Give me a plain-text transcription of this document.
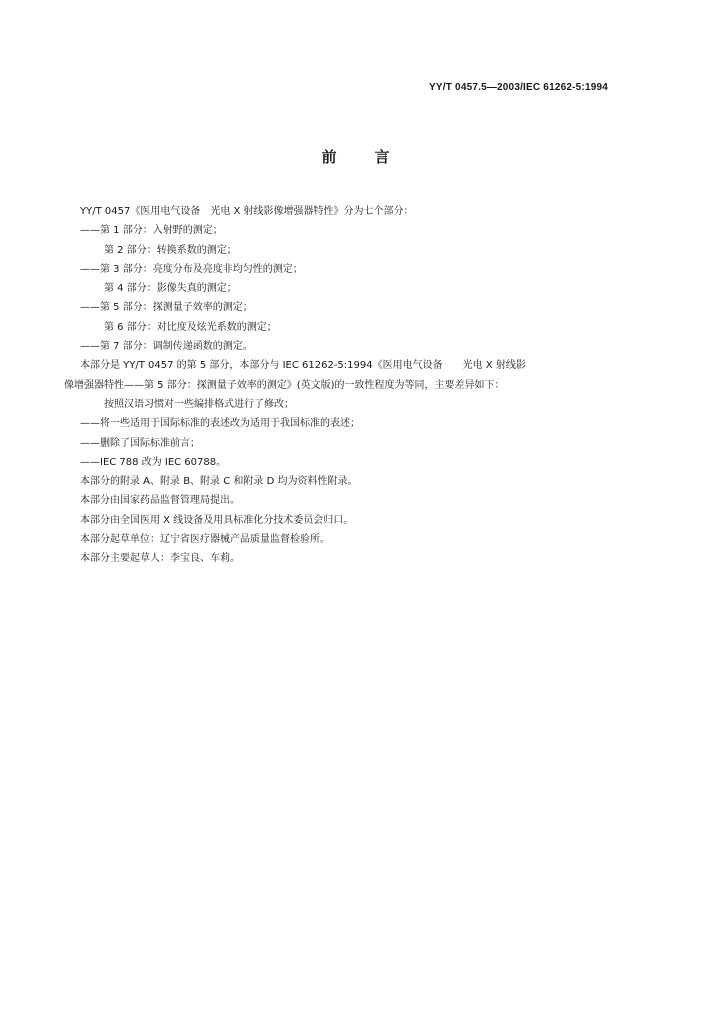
YY/T 0457.5—2003/IEC 61262-5:1994
前言
YY/T 0457《医用电气设备　光电 X 射线影像增强器特性》分为七个部分：
——第 1 部分：入射野的测定；
第 2 部分：转换系数的测定；
——第 3 部分：亮度分布及亮度非均匀性的测定；
第 4 部分：影像失真的测定；
——第 5 部分：探测量子效率的测定；
第 6 部分：对比度及炫光系数的测定；
——第 7 部分：调制传递函数的测定。
本部分是 YY/T 0457 的第 5 部分，本部分与 IEC 61262-5:1994《医用电气设备　　光电 X 射线影
像增强器特性——第 5 部分：探测量子效率的测定》(英文版)的一致性程度为等同，主要差异如下：
按照汉语习惯对一些编排格式进行了修改；
——将一些适用于国际标准的表述改为适用于我国标准的表述；
——删除了国际标准前言；
——IEC 788 改为 IEC 60788。
本部分的附录 A、附录 B、附录 C 和附录 D 均为资料性附录。
本部分由国家药品监督管理局提出。
本部分由全国医用 X 线设备及用具标准化分技术委员会归口。
本部分起草单位：辽宁省医疗器械产品质量监督检验所。
本部分主要起草人：李宝良、车莉。
